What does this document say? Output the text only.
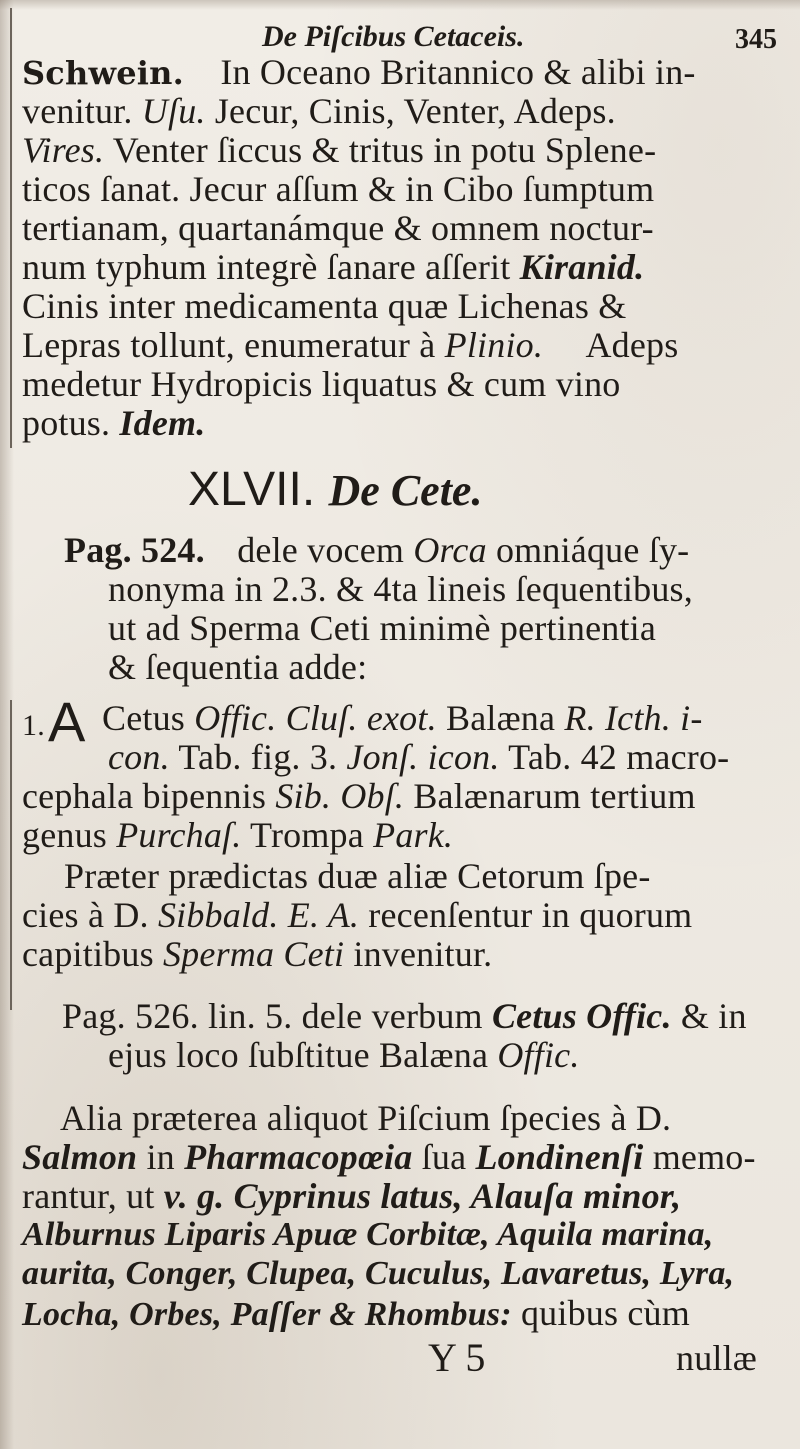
De Piſcibus Cetaceis.	345
Schwein. In Oceano Britannico & alibi in-
venitur. Uſu. Jecur, Cinis, Venter, Adeps.
Vires. Venter ſiccus & tritus in potu Splene-
ticos ſanat. Jecur aſſum & in Cibo ſumptum
tertianam, quartanámque & omnem noctur-
num typhum integrè ſanare aſſerit Kiranid.
Cinis inter medicamenta quæ Lichenas &
Lepras tollunt, enumeratur à Plinio. Adeps
medetur Hydropicis liquatus & cum vino
potus. Idem.
XLVII. De Cete.
Pag. 524. dele vocem Orca omniáque ſy-
nonyma in 2.3. & 4ta lineis ſequentibus,
ut ad Sperma Ceti minimè pertinentia
& ſequentia adde:
1. A Cetus Offic. Cluſ. exot. Balæna R. Icth. i-
con. Tab. fig. 3. Jonſ. icon. Tab. 42 macro-
cephala bipennis Sib. Obſ. Balænarum tertium
genus Purchaſ. Trompa Park.
Præter prædictas duæ aliæ Cetorum ſpe-
cies à D. Sibbald. E. A. recenſentur in quorum
capitibus Sperma Ceti invenitur.
Pag. 526. lin. 5. dele verbum Cetus Offic. & in
ejus loco ſubſtitue Balæna Offic.
Alia præterea aliquot Piſcium ſpecies à D.
Salmon in Pharmacopœia ſua Londinenſi memo-
rantur, ut v. g. Cyprinus latus, Alauſa minor,
Alburnus Liparis Apuæ Corbitæ, Aquila marina,
aurita, Conger, Clupea, Cuculus, Lavaretus, Lyra,
Locha, Orbes, Paſſer & Rhombus: quibus cùm
Y 5	nullæ
